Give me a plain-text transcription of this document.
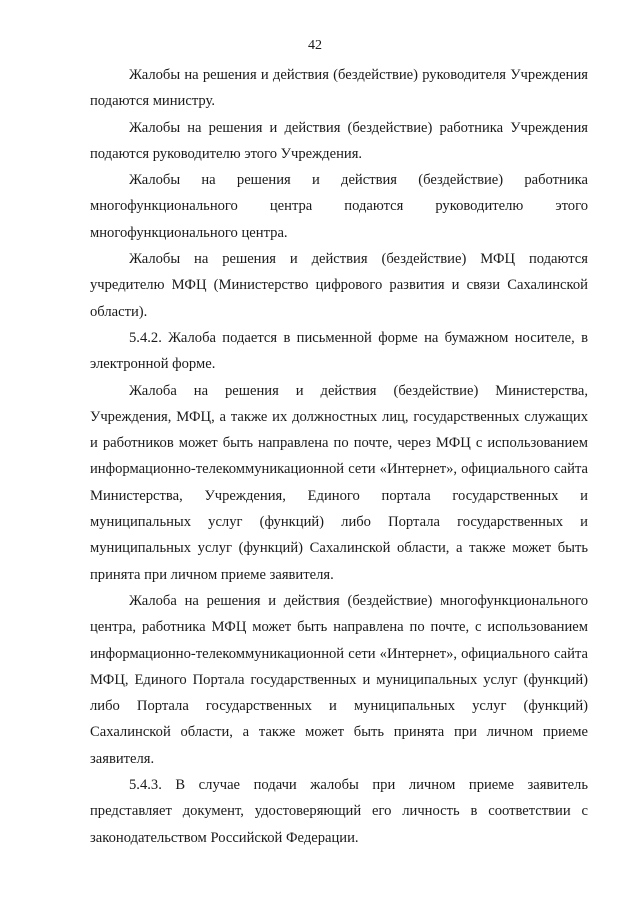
42

Жалобы на решения и действия (бездействие) руководителя Учреждения подаются министру.

Жалобы на решения и действия (бездействие) работника Учреждения подаются руководителю этого Учреждения.

Жалобы на решения и действия (бездействие) работника многофункционального центра подаются руководителю этого многофункционального центра.

Жалобы на решения и действия (бездействие) МФЦ подаются учредителю МФЦ (Министерство цифрового развития и связи Сахалинской области).

5.4.2. Жалоба подается в письменной форме на бумажном носителе, в электронной форме.

Жалоба на решения и действия (бездействие) Министерства, Учреждения, МФЦ, а также их должностных лиц, государственных служащих и работников может быть направлена по почте, через МФЦ с использованием информационно-телекоммуникационной сети «Интернет», официального сайта Министерства, Учреждения, Единого портала государственных и муниципальных услуг (функций) либо Портала государственных и муниципальных услуг (функций) Сахалинской области, а также может быть принята при личном приеме заявителя.

Жалоба на решения и действия (бездействие) многофункционального центра, работника МФЦ может быть направлена по почте, с использованием информационно-телекоммуникационной сети «Интернет», официального сайта МФЦ, Единого Портала государственных и муниципальных услуг (функций) либо Портала государственных и муниципальных услуг (функций) Сахалинской области, а также может быть принята при личном приеме заявителя.

5.4.3. В случае подачи жалобы при личном приеме заявитель представляет документ, удостоверяющий его личность в соответствии с законодательством Российской Федерации.
